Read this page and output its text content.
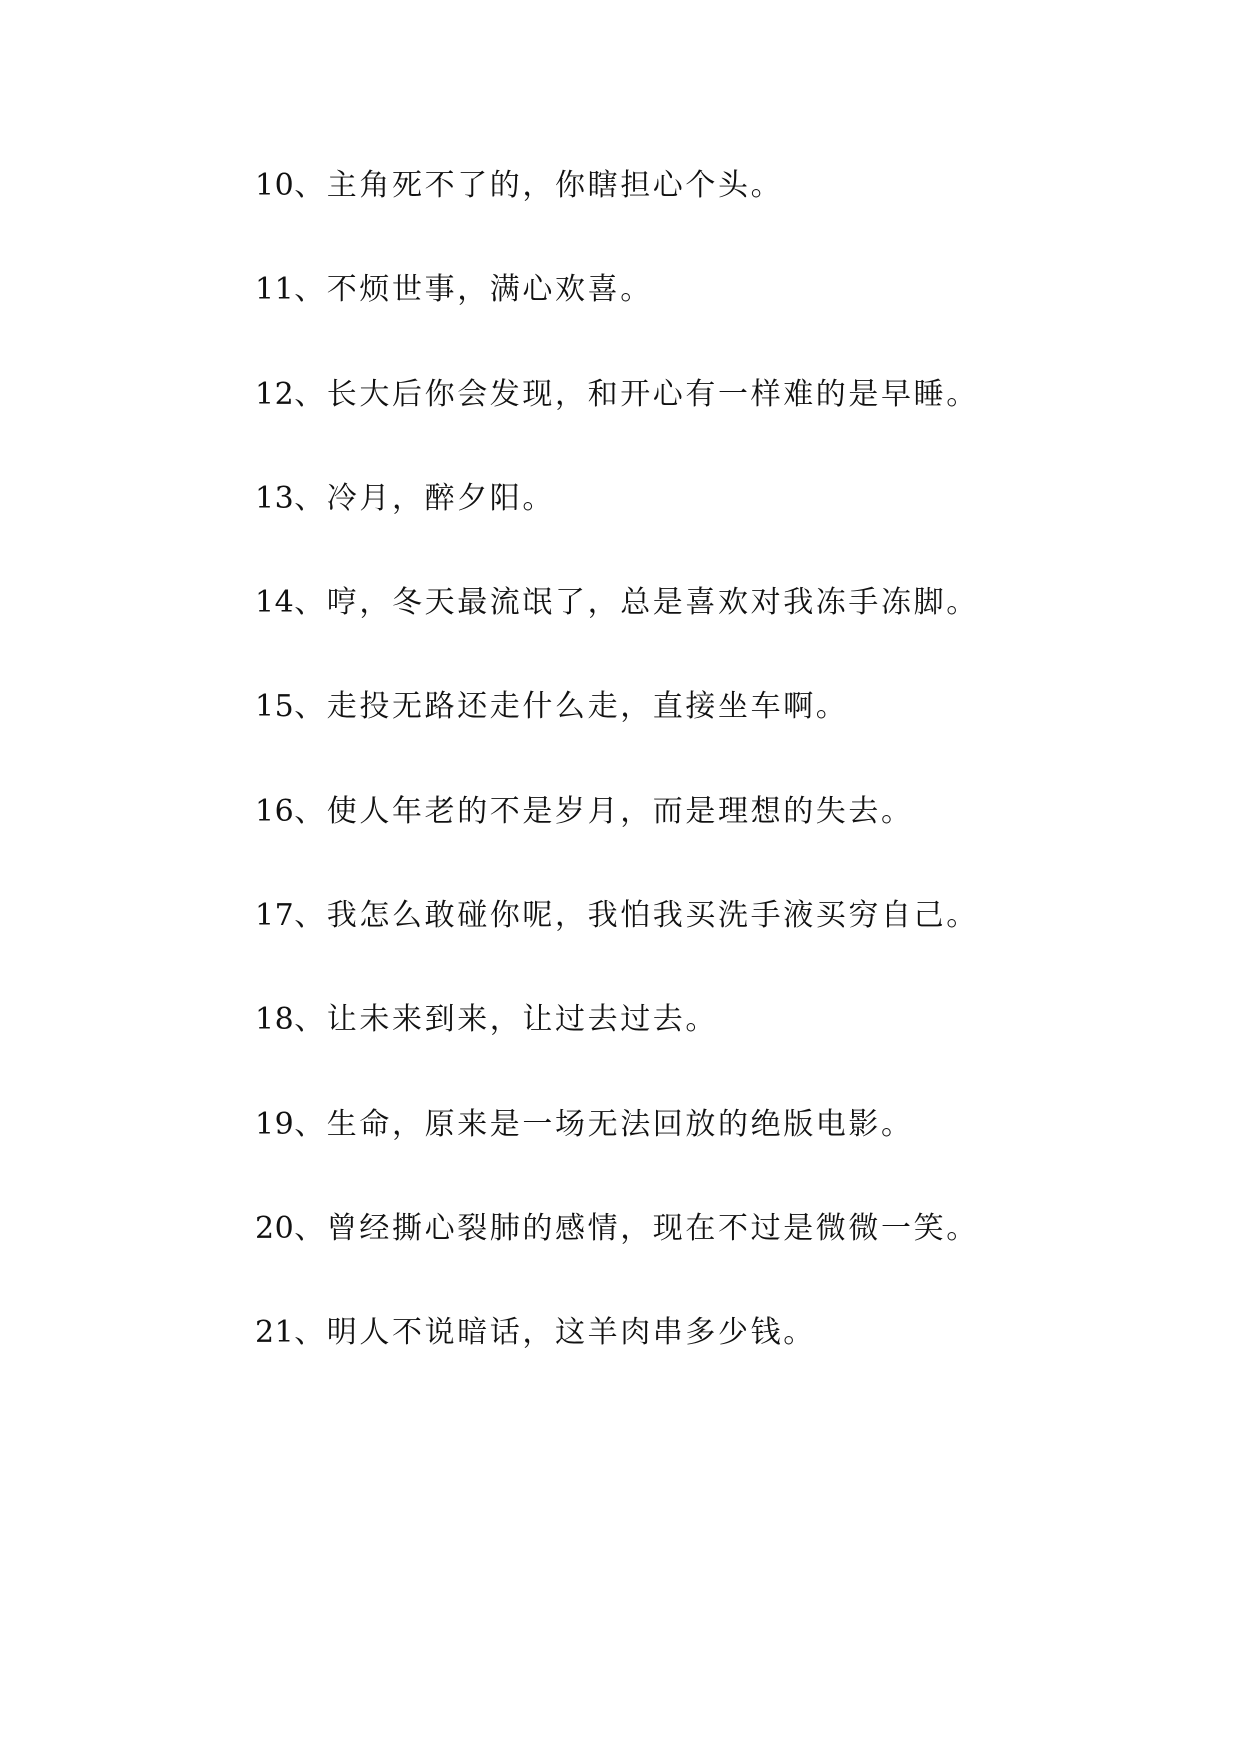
10、主角死不了的，你瞎担心个头。
11、不烦世事，满心欢喜。
12、长大后你会发现，和开心有一样难的是早睡。
13、冷月，醉夕阳。
14、哼，冬天最流氓了，总是喜欢对我冻手冻脚。
15、走投无路还走什么走，直接坐车啊。
16、使人年老的不是岁月，而是理想的失去。
17、我怎么敢碰你呢，我怕我买洗手液买穷自己。
18、让未来到来，让过去过去。
19、生命，原来是一场无法回放的绝版电影。
20、曾经撕心裂肺的感情，现在不过是微微一笑。
21、明人不说暗话，这羊肉串多少钱。
